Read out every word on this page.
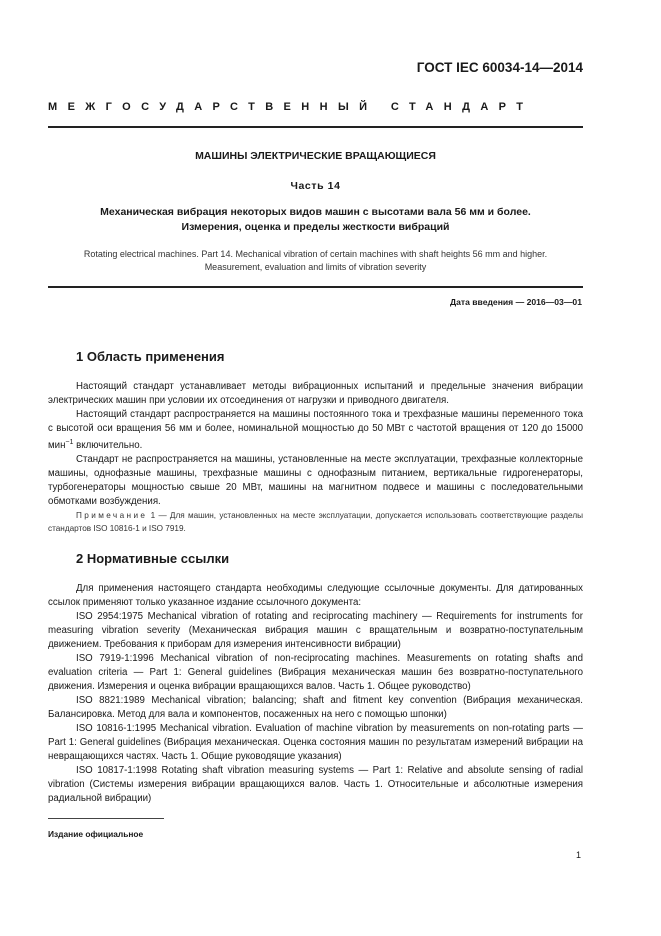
ГОСТ IEC 60034-14—2014
МЕЖГОСУДАРСТВЕННЫЙ СТАНДАРТ
МАШИНЫ ЭЛЕКТРИЧЕСКИЕ ВРАЩАЮЩИЕСЯ
Часть 14
Механическая вибрация некоторых видов машин с высотами вала 56 мм и более.
Измерения, оценка и пределы жесткости вибраций
Rotating electrical machines. Part 14. Mechanical vibration of certain machines with shaft heights 56 mm and higher.
Measurement, evaluation and limits of vibration severity
Дата введения — 2016—03—01
1 Область применения

Настоящий стандарт устанавливает методы вибрационных испытаний и предельные значения вибрации электрических машин при условии их отсоединения от нагрузки и приводного двигателя.

Настоящий стандарт распространяется на машины постоянного тока и трехфазные машины переменного тока с высотой оси вращения 56 мм и более, номинальной мощностью до 50 МВт с частотой вращения от 120 до 15000 мин$^{-1}$ включительно.

Стандарт не распространяется на машины, установленные на месте эксплуатации, трехфазные коллекторные машины, однофазные машины, трехфазные машины с однофазным питанием, вертикальные гидрогенераторы, турбогенераторы мощностью свыше 20 МВт, машины на магнитном подвесе и машины с последовательными обмотками возбуждения.

Примечание 1 — Для машин, установленных на месте эксплуатации, допускается использовать соответствующие разделы стандартов ISO 10816-1 и ISO 7919.

2 Нормативные ссылки

Для применения настоящего стандарта необходимы следующие ссылочные документы. Для датированных ссылок применяют только указанное издание ссылочного документа:

ISO 2954:1975 Mechanical vibration of rotating and reciprocating machinery — Requirements for instruments for measuring vibration severity (Механическая вибрация машин с вращательным и возвратно-поступательным движением. Требования к приборам для измерения интенсивности вибрации)

ISO 7919-1:1996 Mechanical vibration of non-reciprocating machines. Measurements on rotating shafts and evaluation criteria — Part 1: General guidelines (Вибрация механическая машин без возвратно-поступательного движения. Измерения и оценка вибрации вращающихся валов. Часть 1. Общее руководство)

ISO 8821:1989 Mechanical vibration; balancing; shaft and fitment key convention (Вибрация механическая. Балансировка. Метод для вала и компонентов, посаженных на него с помощью шпонки)

ISO 10816-1:1995 Mechanical vibration. Evaluation of machine vibration by measurements on non-rotating parts — Part 1: General guidelines (Вибрация механическая. Оценка состояния машин по результатам измерений вибрации на невращающихся частях. Часть 1. Общие руководящие указания)

ISO 10817-1:1998 Rotating shaft vibration measuring systems — Part 1: Relative and absolute sensing of radial vibration (Системы измерения вибрации вращающихся валов. Часть 1. Относительные и абсолютные измерения радиальной вибрации)

Издание официальное
1
